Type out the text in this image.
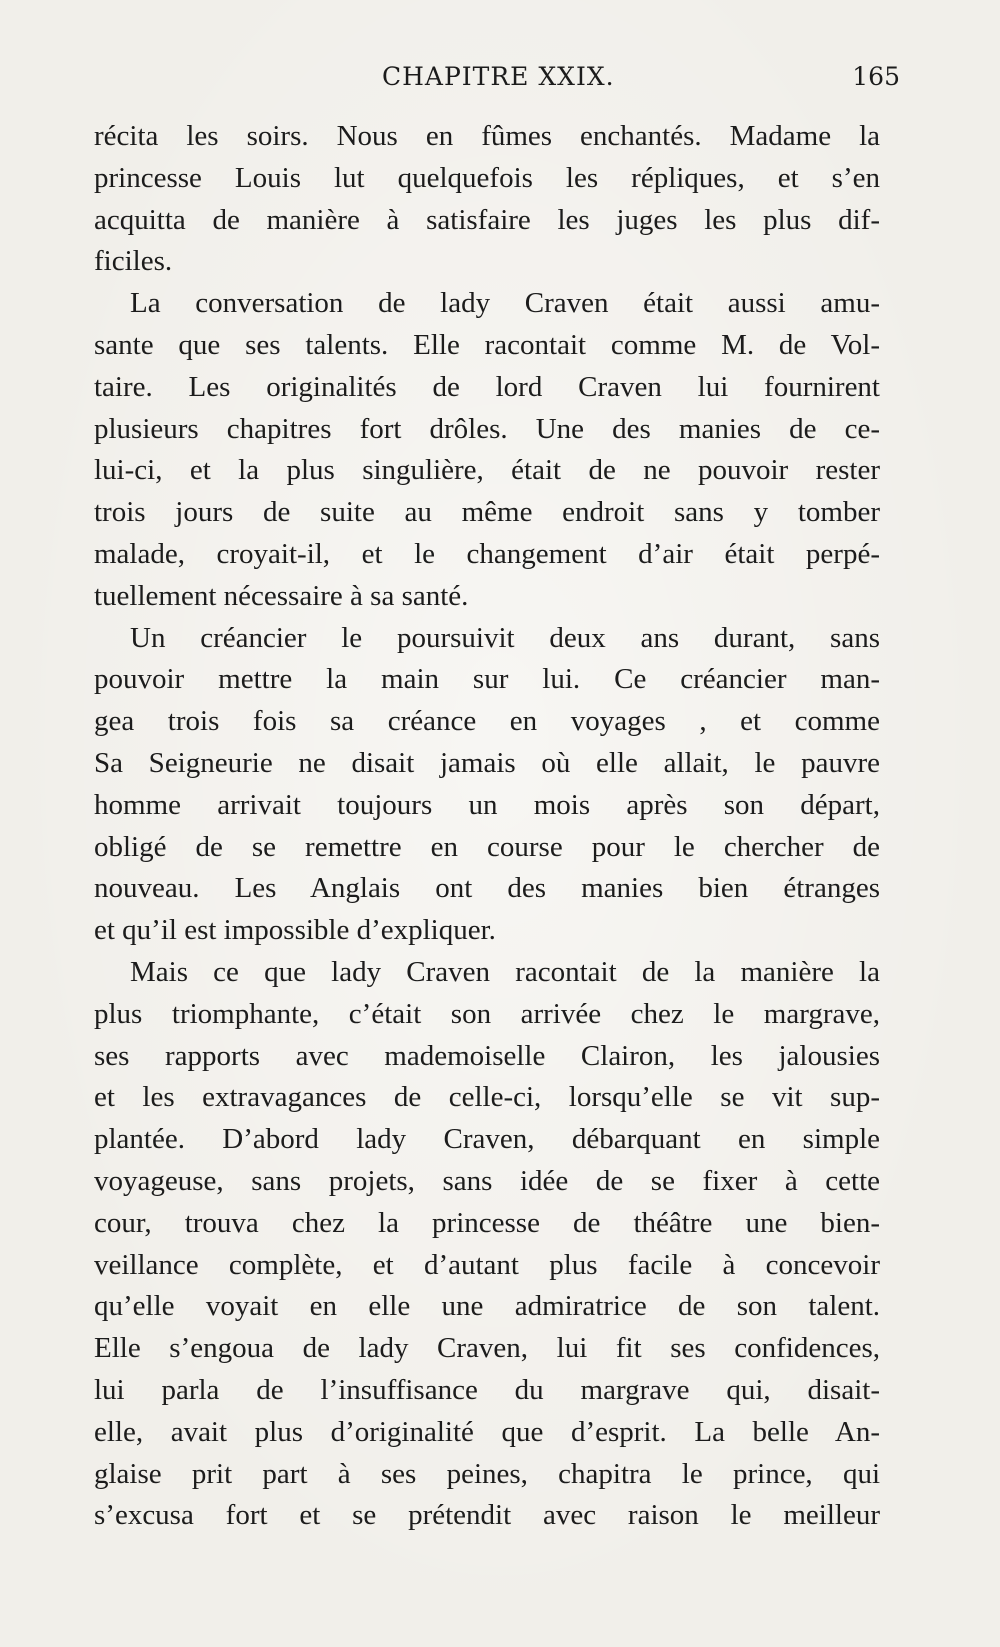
CHAPITRE XXIX.	165
récita les soirs. Nous en fûmes enchantés. Madame la
princesse Louis lut quelquefois les répliques, et s’en
acquitta de manière à satisfaire les juges les plus dif-
ficiles.
La conversation de lady Craven était aussi amu-
sante que ses talents. Elle racontait comme M. de Vol-
taire. Les originalités de lord Craven lui fournirent
plusieurs chapitres fort drôles. Une des manies de ce-
lui-ci, et la plus singulière, était de ne pouvoir rester
trois jours de suite au même endroit sans y tomber
malade, croyait-il, et le changement d’air était perpé-
tuellement nécessaire à sa santé.
Un créancier le poursuivit deux ans durant, sans
pouvoir mettre la main sur lui. Ce créancier man-
gea trois fois sa créance en voyages , et comme
Sa Seigneurie ne disait jamais où elle allait, le pauvre
homme arrivait toujours un mois après son départ,
obligé de se remettre en course pour le chercher de
nouveau. Les Anglais ont des manies bien étranges
et qu’il est impossible d’expliquer.
Mais ce que lady Craven racontait de la manière la
plus triomphante, c’était son arrivée chez le margrave,
ses rapports avec mademoiselle Clairon, les jalousies
et les extravagances de celle-ci, lorsqu’elle se vit sup-
plantée. D’abord lady Craven, débarquant en simple
voyageuse, sans projets, sans idée de se fixer à cette
cour, trouva chez la princesse de théâtre une bien-
veillance complète, et d’autant plus facile à concevoir
qu’elle voyait en elle une admiratrice de son talent.
Elle s’engoua de lady Craven, lui fit ses confidences,
lui parla de l’insuffisance du margrave qui, disait-
elle, avait plus d’originalité que d’esprit. La belle An-
glaise prit part à ses peines, chapitra le prince, qui
s’excusa fort et se prétendit avec raison le meilleur
